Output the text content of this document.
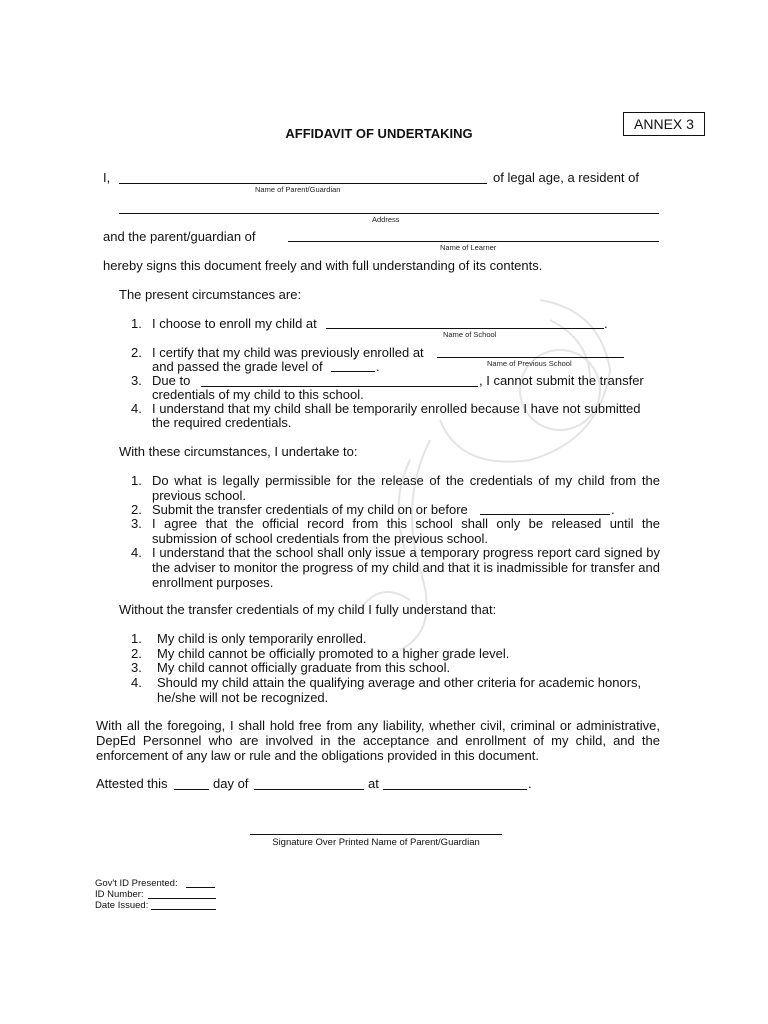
ANNEX 3
AFFIDAVIT OF UNDERTAKING
I,
Name of Parent/Guardian
of legal age, a resident of
Address
and the parent/guardian of
Name of Learner
hereby signs this document freely and with full understanding of its contents.
The present circumstances are:
1. I choose to enroll my child at	.
Name of School
2. I certify that my child was previously enrolled at
Name of Previous School
and passed the grade level of	.
3. Due to	, I cannot submit the transfer
credentials of my child to this school.
4. I understand that my child shall be temporarily enrolled because I have not submitted
the required credentials.
With these circumstances, I undertake to:
1. Do what is legally permissible for the release of the credentials of my child from the previous school.
2. Submit the transfer credentials of my child on or before	.
3. I agree that the official record from this school shall only be released until the submission of school credentials from the previous school.
4. I understand that the school shall only issue a temporary progress report card signed by the adviser to monitor the progress of my child and that it is inadmissible for transfer and enrollment purposes.
Without the transfer credentials of my child I fully understand that:
1. My child is only temporarily enrolled.
2. My child cannot be officially promoted to a higher grade level.
3. My child cannot officially graduate from this school.
4. Should my child attain the qualifying average and other criteria for academic honors, he/she will not be recognized.
With all the foregoing, I shall hold free from any liability, whether civil, criminal or administrative, DepEd Personnel who are involved in the acceptance and enrollment of my child, and the enforcement of any law or rule and the obligations provided in this document.
Attested this	day of	at	.
Signature Over Printed Name of Parent/Guardian
Gov't ID Presented:
ID Number:
Date Issued:
